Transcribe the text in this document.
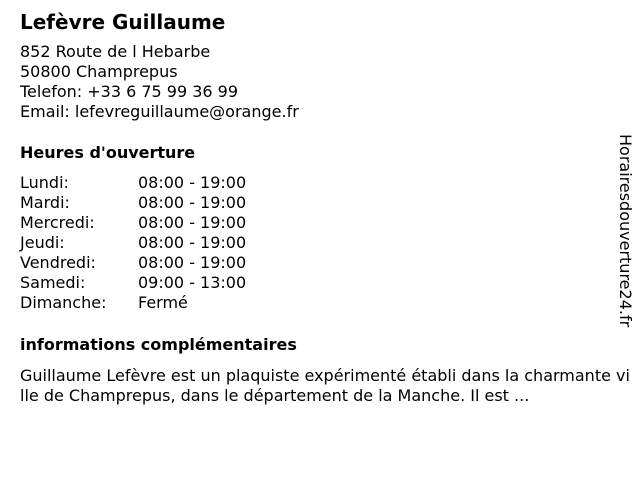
Lefèvre Guillaume
852 Route de l Hebarbe
50800 Champrepus
Telefon: +33 6 75 99 36 99
Email: lefevreguillaume@orange.fr
Heures d'ouverture
Lundi:	08:00 - 19:00
Mardi:	08:00 - 19:00
Mercredi:	08:00 - 19:00
Jeudi:	08:00 - 19:00
Vendredi:	08:00 - 19:00
Samedi:	09:00 - 13:00
Dimanche:	Fermé
informations complémentaires
Guillaume Lefèvre est un plaquiste expérimenté établi dans la charmante ville de Champrepus, dans le département de la Manche. Il est ...
Horairesdouverture24.fr
